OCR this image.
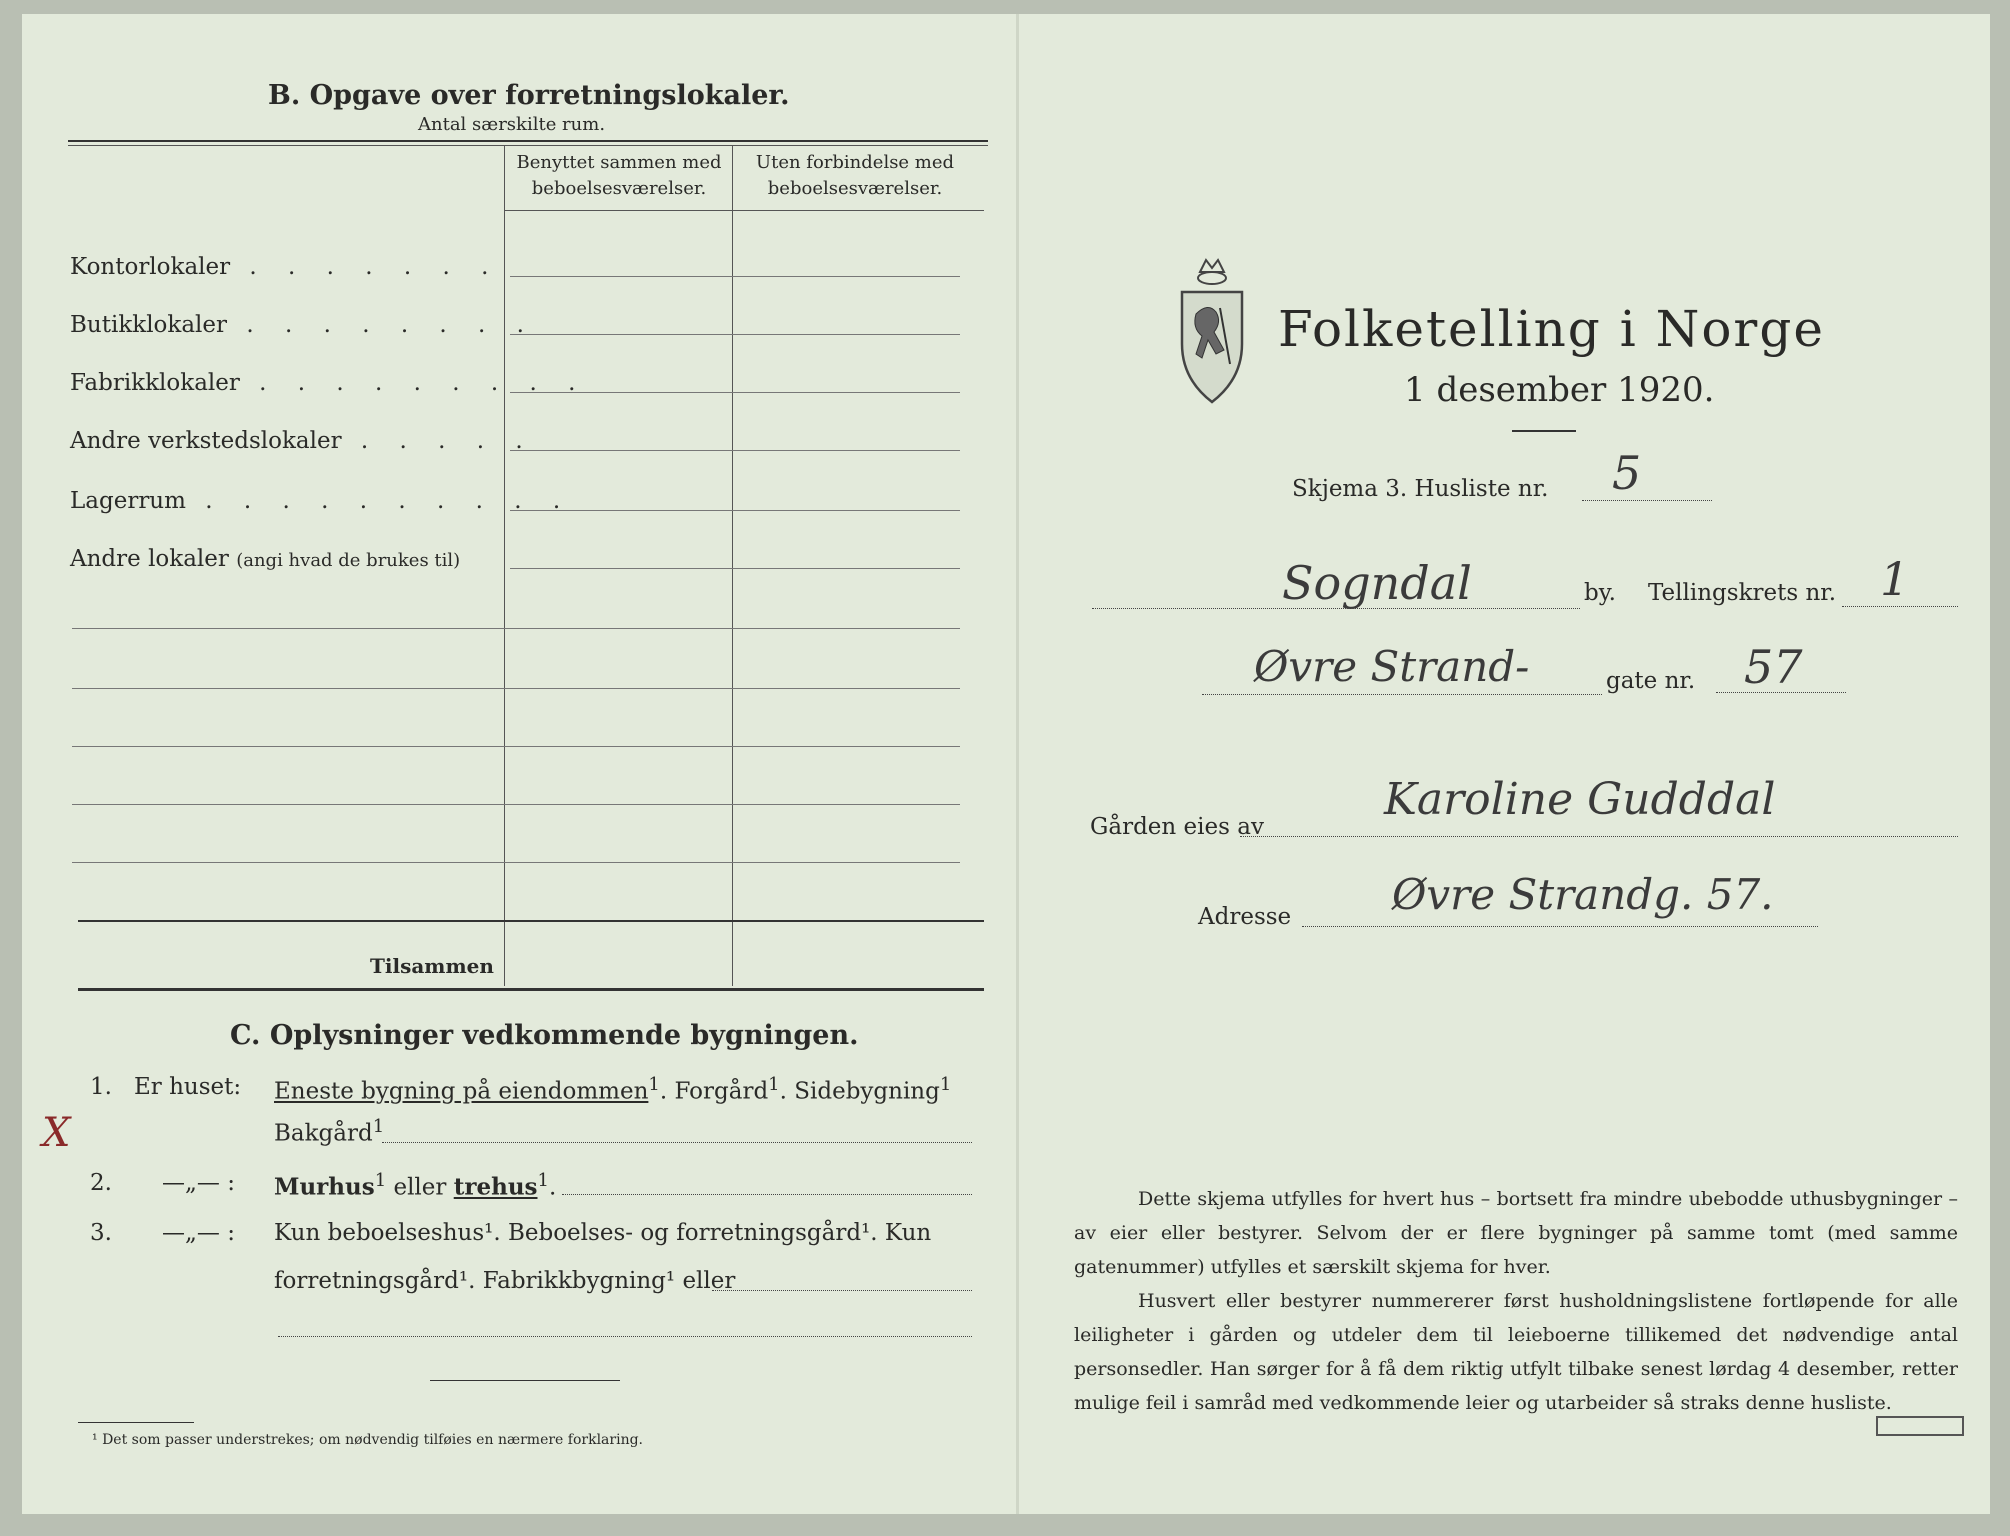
B. Opgave over forretningslokaler.
Antal særskilte rum.
Benyttet sammen med
beboelsesværelser.
Uten forbindelse med
beboelsesværelser.
Kontorlokaler . . . . . . .
Butikklokaler . . . . . . . .
Fabrikklokaler . . . . . . . . .
Andre verkstedslokaler . . . . .
Lagerrum . . . . . . . . . .
Andre lokaler (angi hvad de brukes til)
Tilsammen
C. Oplysninger vedkommende bygningen.
1. Er huset: Eneste bygning på eiendommen$^1$. Forgård$^1$. Sidebygning$^1$
Bakgård$^1$
X
2. —„— : Murhus$^1$ eller trehus$^1$.
3. —„— : Kun beboelseshus¹. Beboelses- og forretningsgård¹. Kun
forretningsgård¹. Fabrikkbygning¹ eller
¹ Det som passer understrekes; om nødvendig tilføies en nærmere forklaring.
Folketelling i Norge
1 desember 1920.
Skjema 3. Husliste nr. 5
Sogndal	by. Tellingskrets nr. 1
Øvre Strand-	gate nr. 57
Gården eies av
Karoline Gudddal
Adresse Øvre Strandg. 57.
Dette skjema utfylles for hvert hus – bortsett fra mindre ubebodde uthusbygninger – av eier eller bestyrer. Selvom der er flere bygninger på samme tomt (med samme gatenummer) utfylles et særskilt skjema for hver.
Husvert eller bestyrer nummererer først husholdningslistene fortløpende for alle leiligheter i gården og utdeler dem til leieboerne tillikemed det nødvendige antal personsedler. Han sørger for å få dem riktig utfylt tilbake senest lørdag 4 desember, retter mulige feil i samråd med vedkommende leier og utarbeider så straks denne husliste.
